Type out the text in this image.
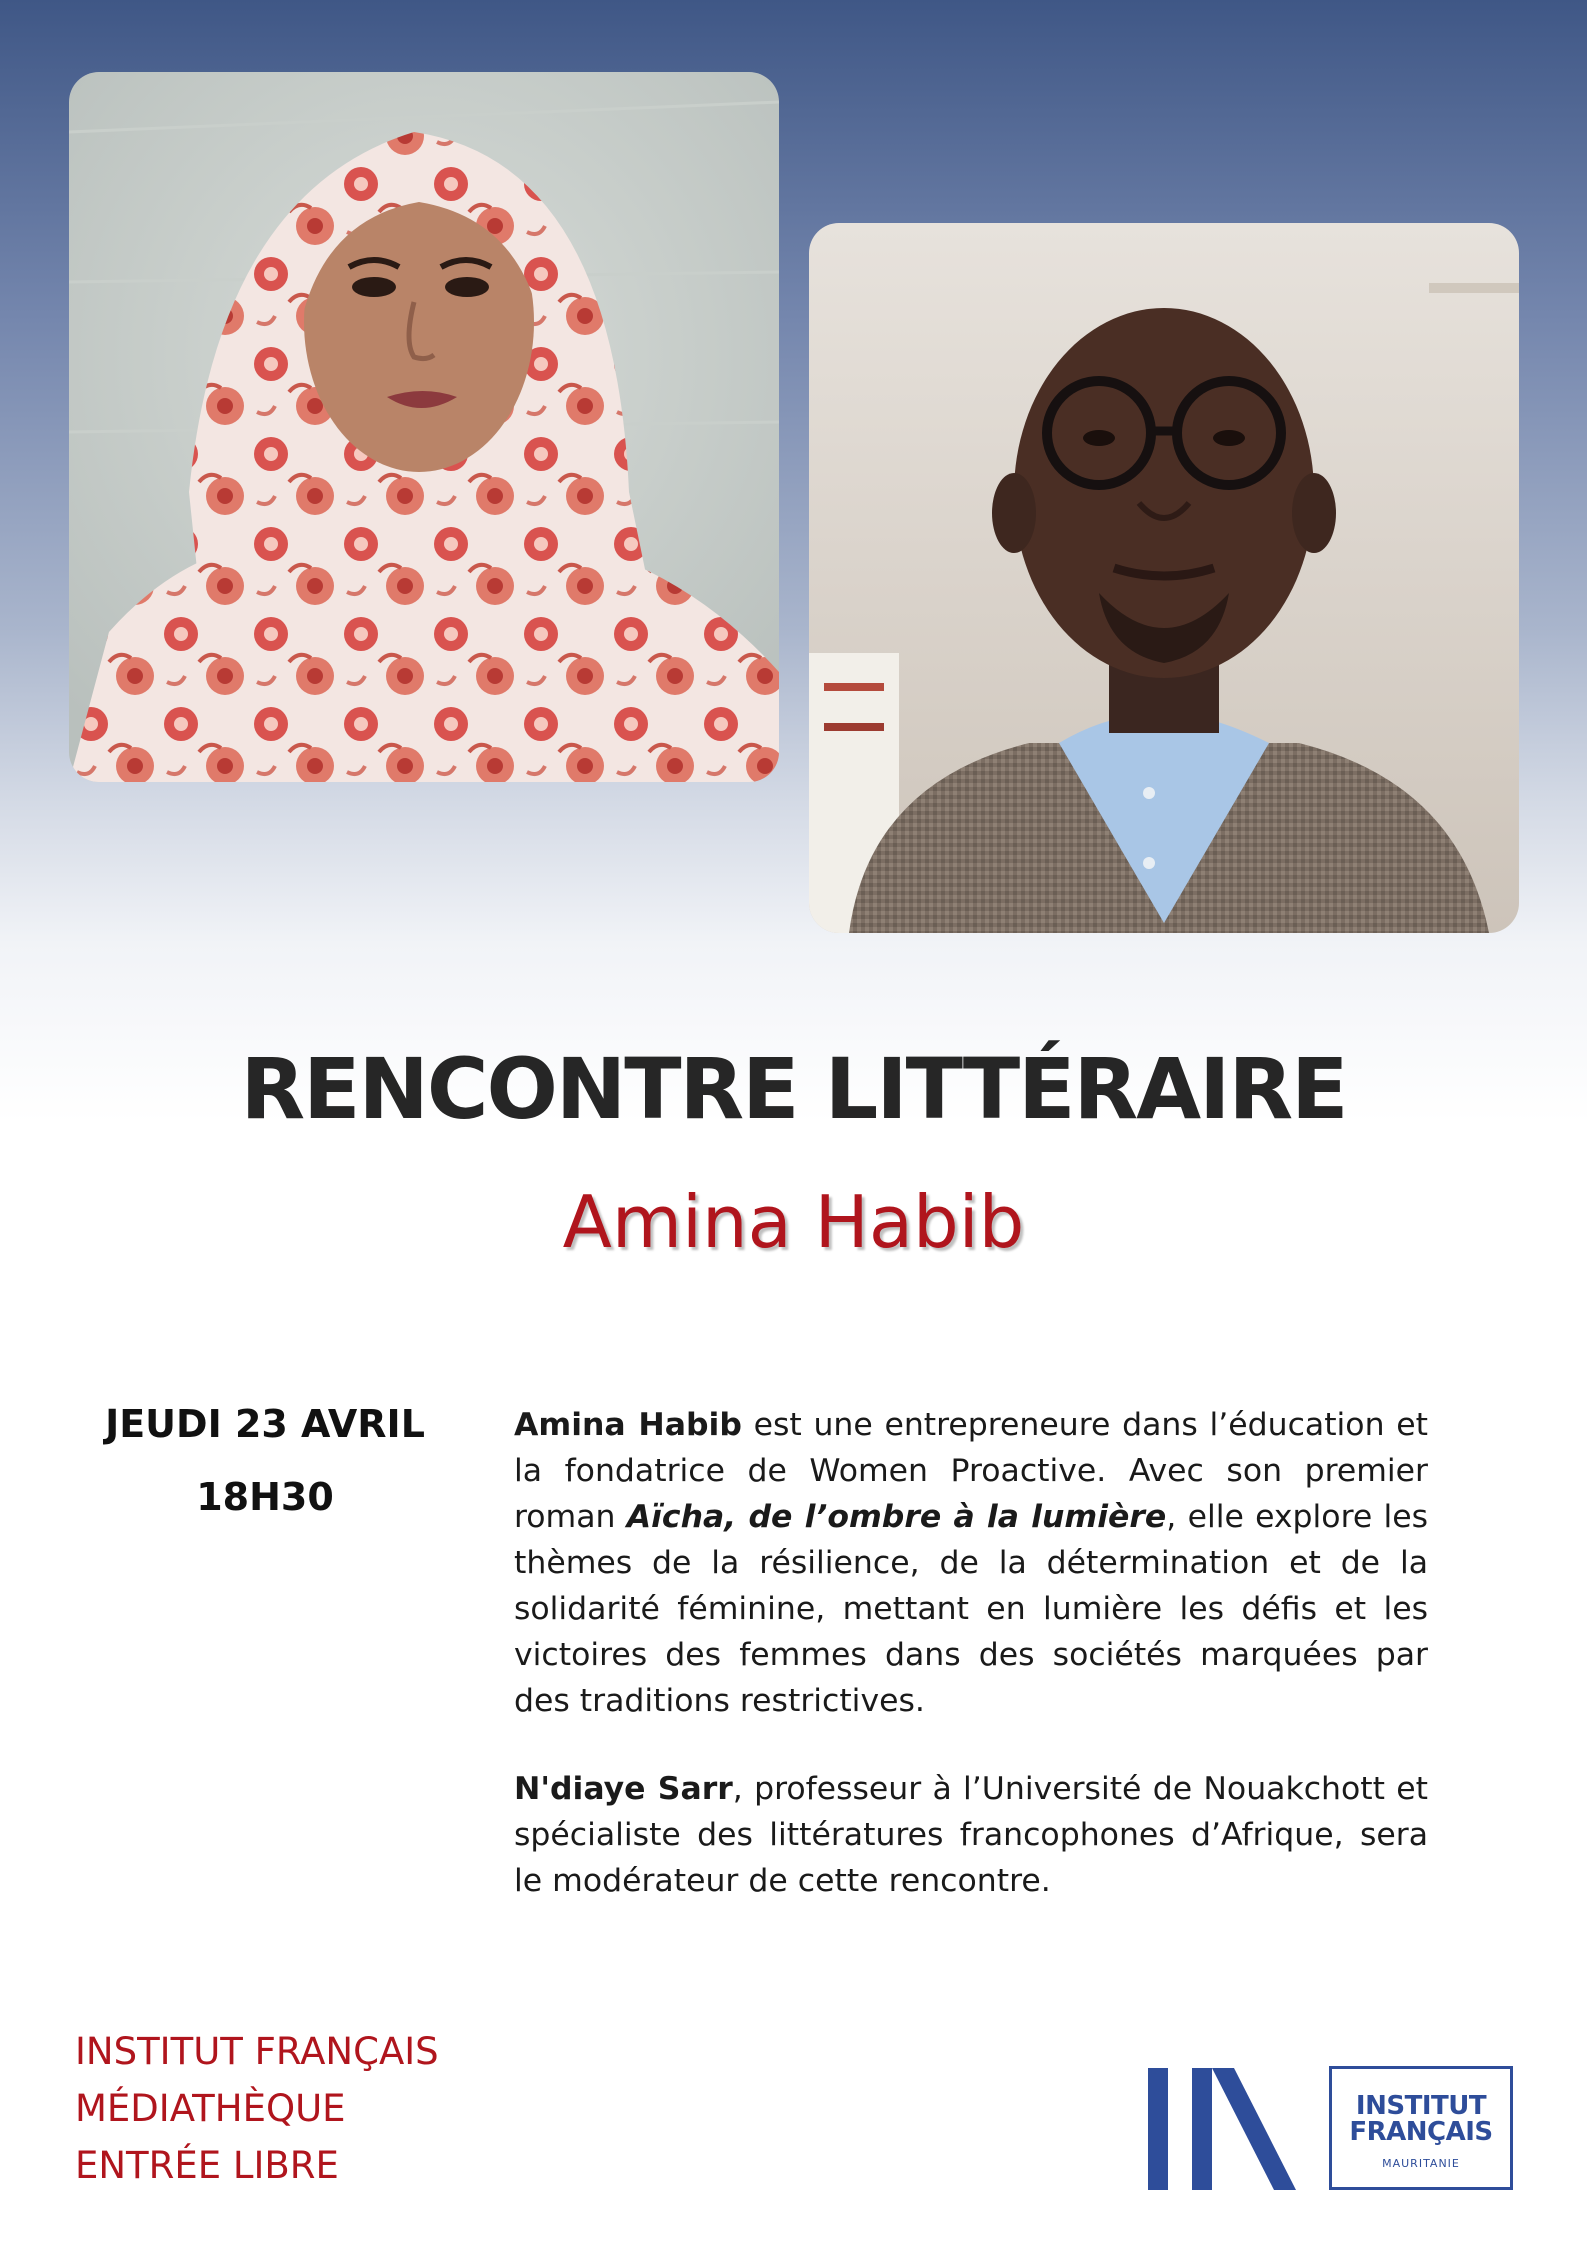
RENCONTRE LITTÉRAIRE
Amina Habib
JEUDI 23 AVRIL
18H30

Amina Habib est une entrepreneure dans l’éducation et la fondatrice de Women Proactive. Avec son premier roman Aïcha, de l’ombre à la lumière, elle explore les thèmes de la résilience, de la détermination et de la solidarité féminine, mettant en lumière les défis et les victoires des femmes dans des sociétés marquées par des traditions restrictives.

N'diaye Sarr, professeur à l’Université de Nouakchott et spécialiste des littératures francophones d’Afrique, sera le modérateur de cette rencontre.

INSTITUT FRANÇAIS
MÉDIATHÈQUE
ENTRÉE LIBRE
INSTITUT
FRANÇAIS
MAURITANIE
